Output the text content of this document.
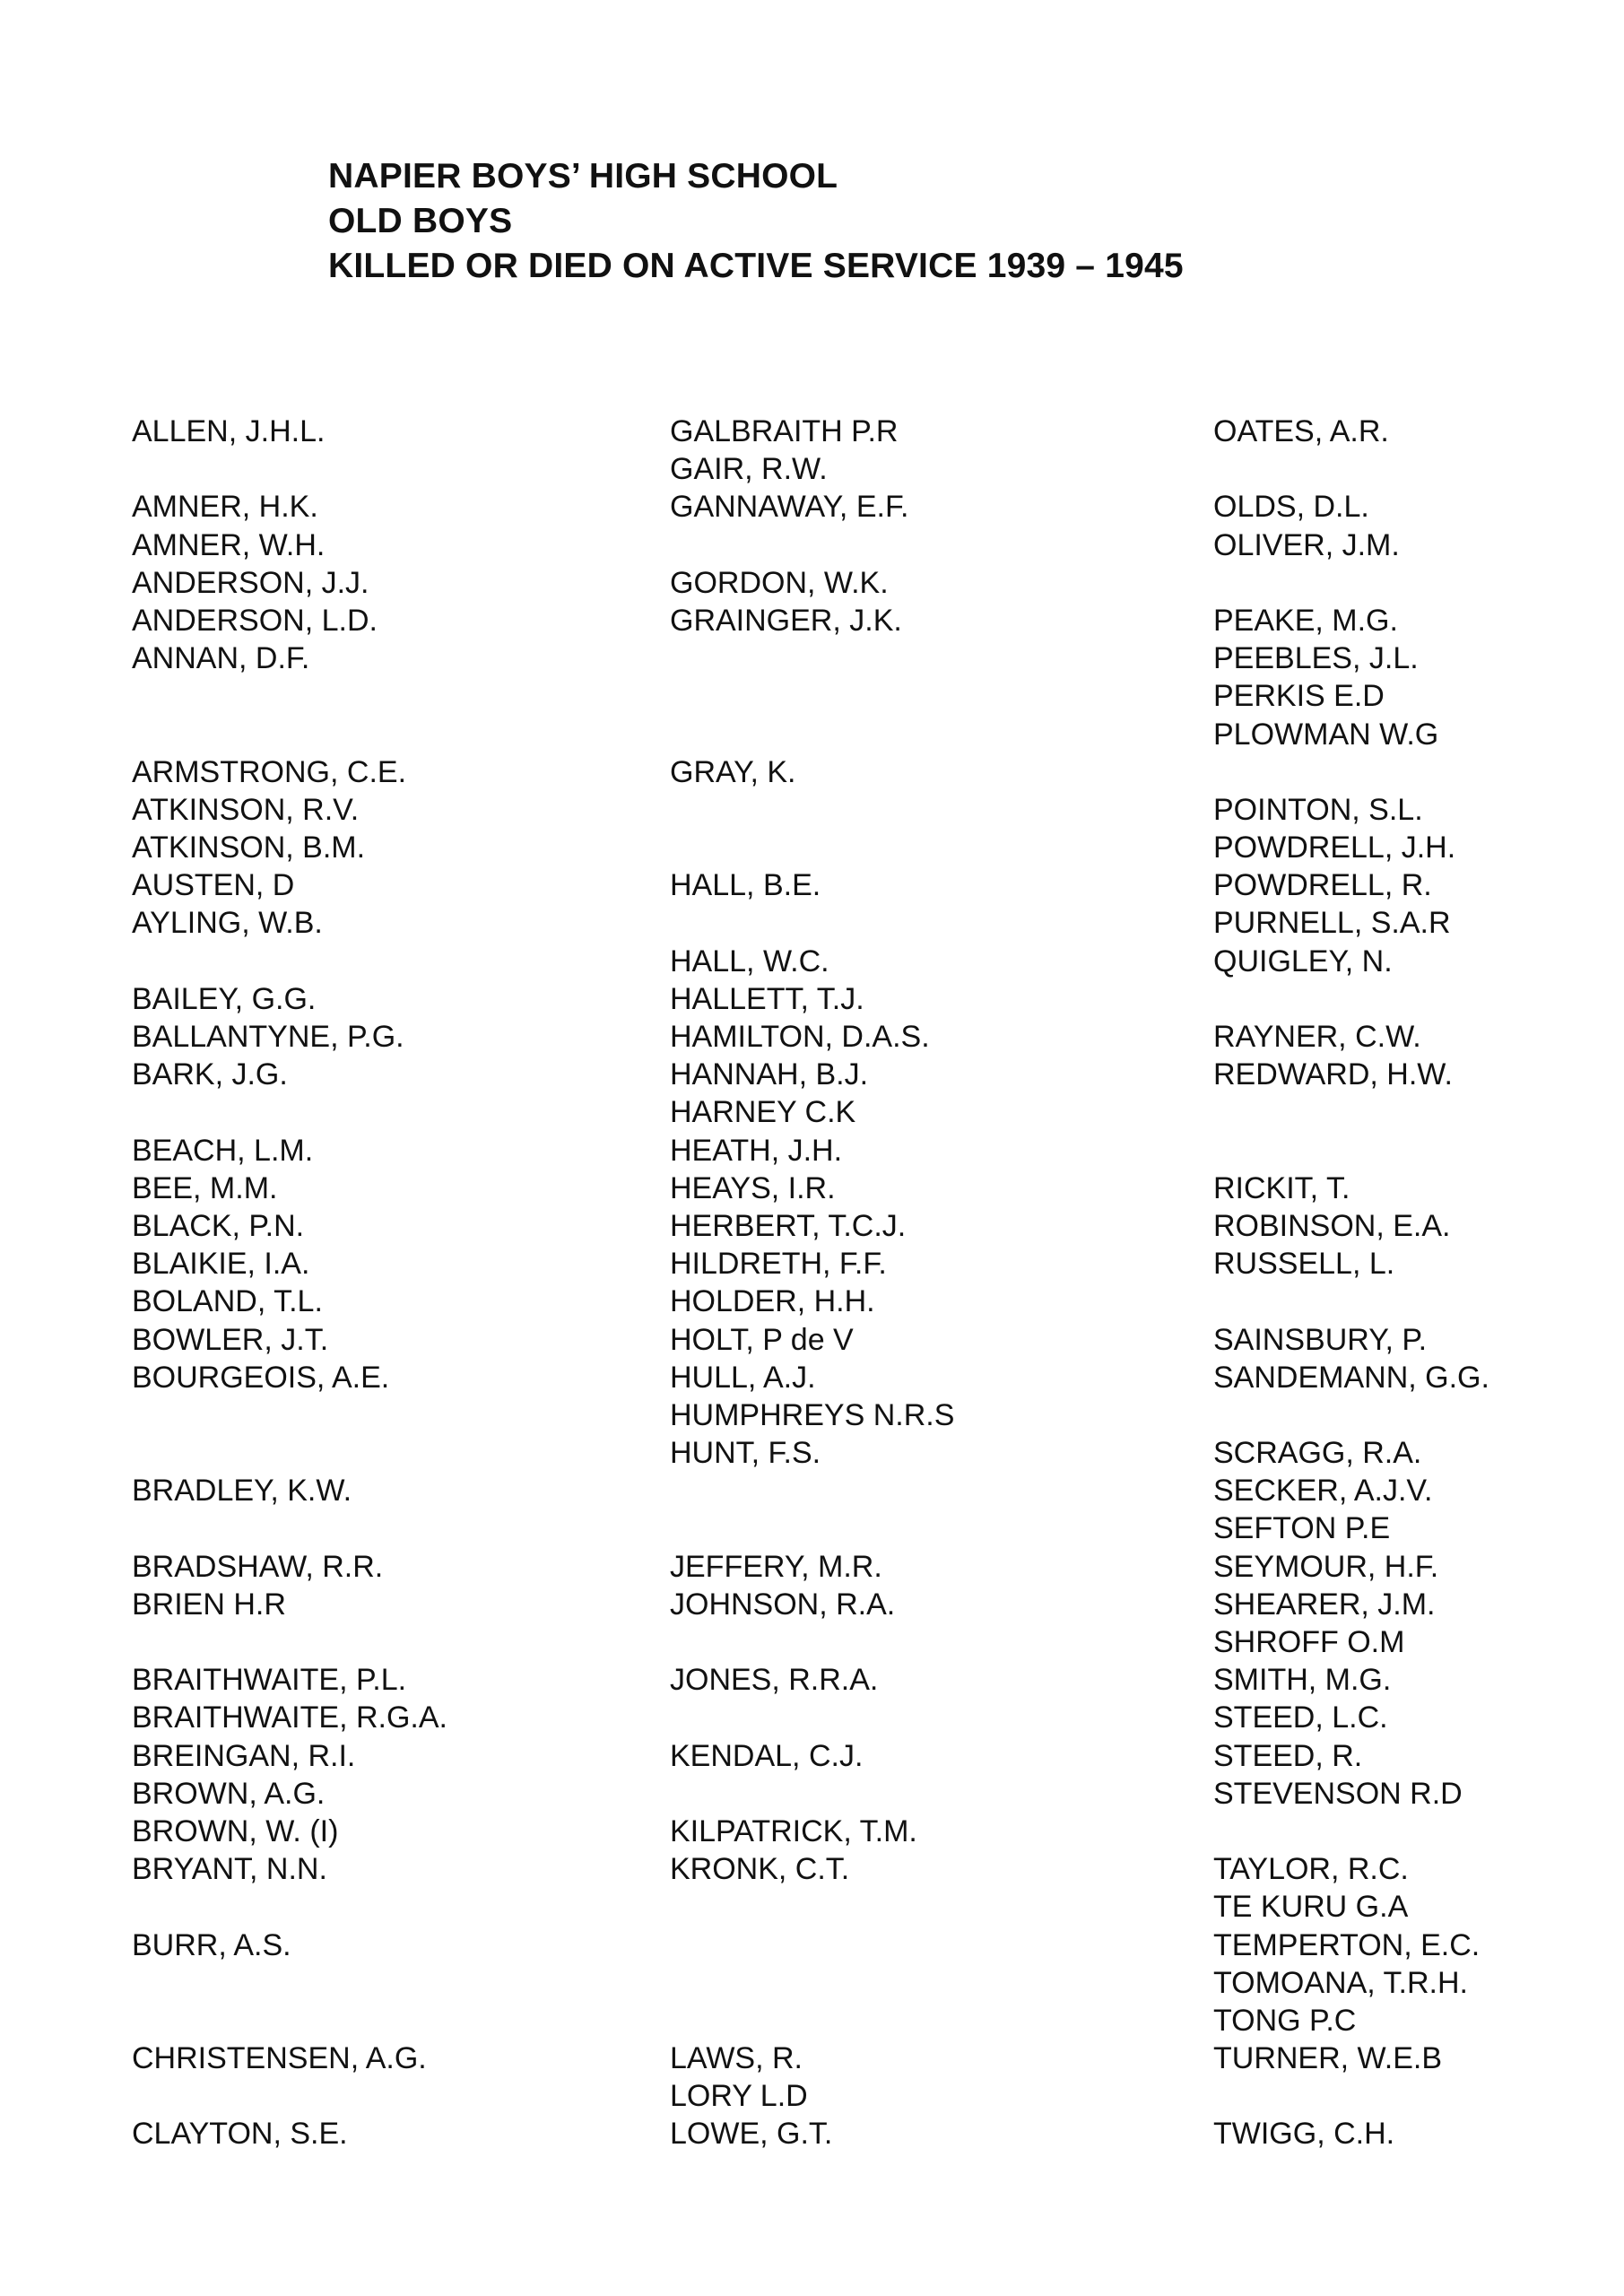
NAPIER BOYS’ HIGH SCHOOL
OLD BOYS
KILLED OR DIED ON ACTIVE SERVICE 1939 – 1945
ALLEN, J.H.L.
AMNER, H.K.
AMNER, W.H.
ANDERSON, J.J.
ANDERSON, L.D.
ANNAN, D.F.
ARMSTRONG, C.E.
ATKINSON, R.V.
ATKINSON, B.M.
AUSTEN, D
AYLING, W.B.
BAILEY, G.G.
BALLANTYNE, P.G.
BARK, J.G.
BEACH, L.M.
BEE, M.M.
BLACK, P.N.
BLAIKIE, I.A.
BOLAND, T.L.
BOWLER, J.T.
BOURGEOIS, A.E.
BRADLEY, K.W.
BRADSHAW, R.R.
BRIEN H.R
BRAITHWAITE, P.L.
BRAITHWAITE, R.G.A.
BREINGAN, R.I.
BROWN, A.G.
BROWN, W. (I)
BRYANT, N.N.
BURR, A.S.
CHRISTENSEN, A.G.
CLAYTON, S.E.
GALBRAITH P.R
GAIR, R.W.
GANNAWAY, E.F.
GORDON, W.K.
GRAINGER, J.K.
GRAY, K.
HALL, B.E.
HALL, W.C.
HALLETT, T.J.
HAMILTON, D.A.S.
HANNAH, B.J.
HARNEY C.K
HEATH, J.H.
HEAYS, I.R.
HERBERT, T.C.J.
HILDRETH, F.F.
HOLDER, H.H.
HOLT, P de V
HULL, A.J.
HUMPHREYS N.R.S
HUNT, F.S.
JEFFERY, M.R.
JOHNSON, R.A.
JONES, R.R.A.
KENDAL, C.J.
KILPATRICK, T.M.
KRONK, C.T.
LAWS, R.
LORY L.D
LOWE, G.T.
OATES, A.R.
OLDS, D.L.
OLIVER, J.M.
PEAKE, M.G.
PEEBLES, J.L.
PERKIS E.D
PLOWMAN W.G
POINTON, S.L.
POWDRELL, J.H.
POWDRELL, R.
PURNELL, S.A.R
QUIGLEY, N.
RAYNER, C.W.
REDWARD, H.W.
RICKIT, T.
ROBINSON, E.A.
RUSSELL, L.
SAINSBURY, P.
SANDEMANN, G.G.
SCRAGG, R.A.
SECKER, A.J.V.
SEFTON P.E
SEYMOUR, H.F.
SHEARER, J.M.
SHROFF O.M
SMITH, M.G.
STEED, L.C.
STEED, R.
STEVENSON R.D
TAYLOR, R.C.
TE KURU G.A
TEMPERTON, E.C.
TOMOANA, T.R.H.
TONG P.C
TURNER, W.E.B
TWIGG, C.H.
